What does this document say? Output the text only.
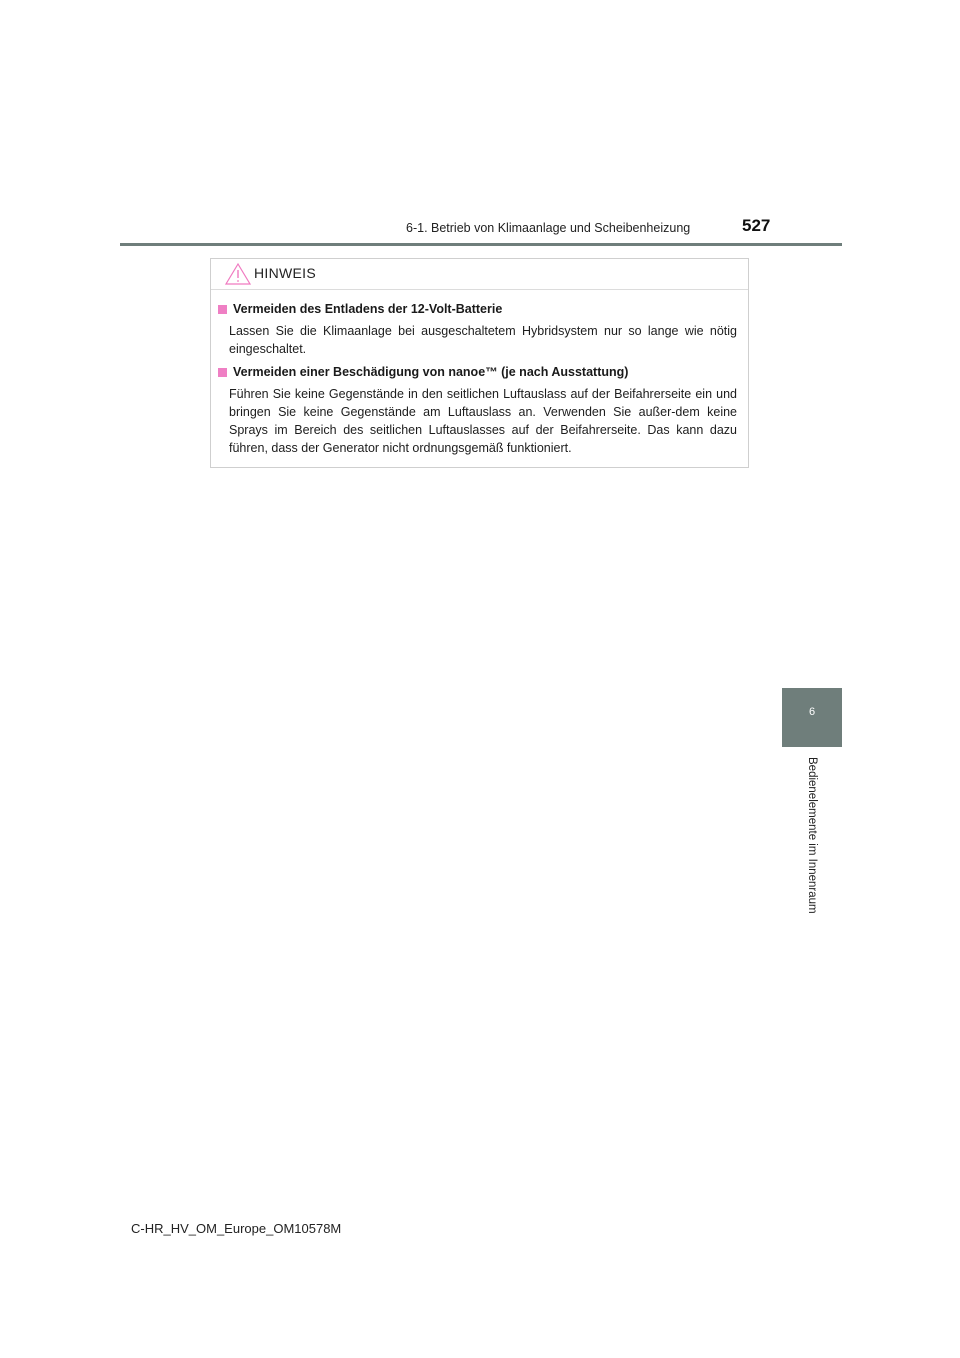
6-1. Betrieb von Klimaanlage und Scheibenheizung	527
HINWEIS
Vermeiden des Entladens der 12-Volt-Batterie

Lassen Sie die Klimaanlage bei ausgeschaltetem Hybridsystem nur so lange wie nötig eingeschaltet.

Vermeiden einer Beschädigung von nanoe™ (je nach Ausstattung)

Führen Sie keine Gegenstände in den seitlichen Luftauslass auf der Beifahrerseite ein und bringen Sie keine Gegenstände am Luftauslass an. Verwenden Sie außer-dem keine Sprays im Bereich des seitlichen Luftauslasses auf der Beifahrerseite. Das kann dazu führen, dass der Generator nicht ordnungsgemäß funktioniert.

6
Bedienelemente im Innenraum
C-HR_HV_OM_Europe_OM10578M
